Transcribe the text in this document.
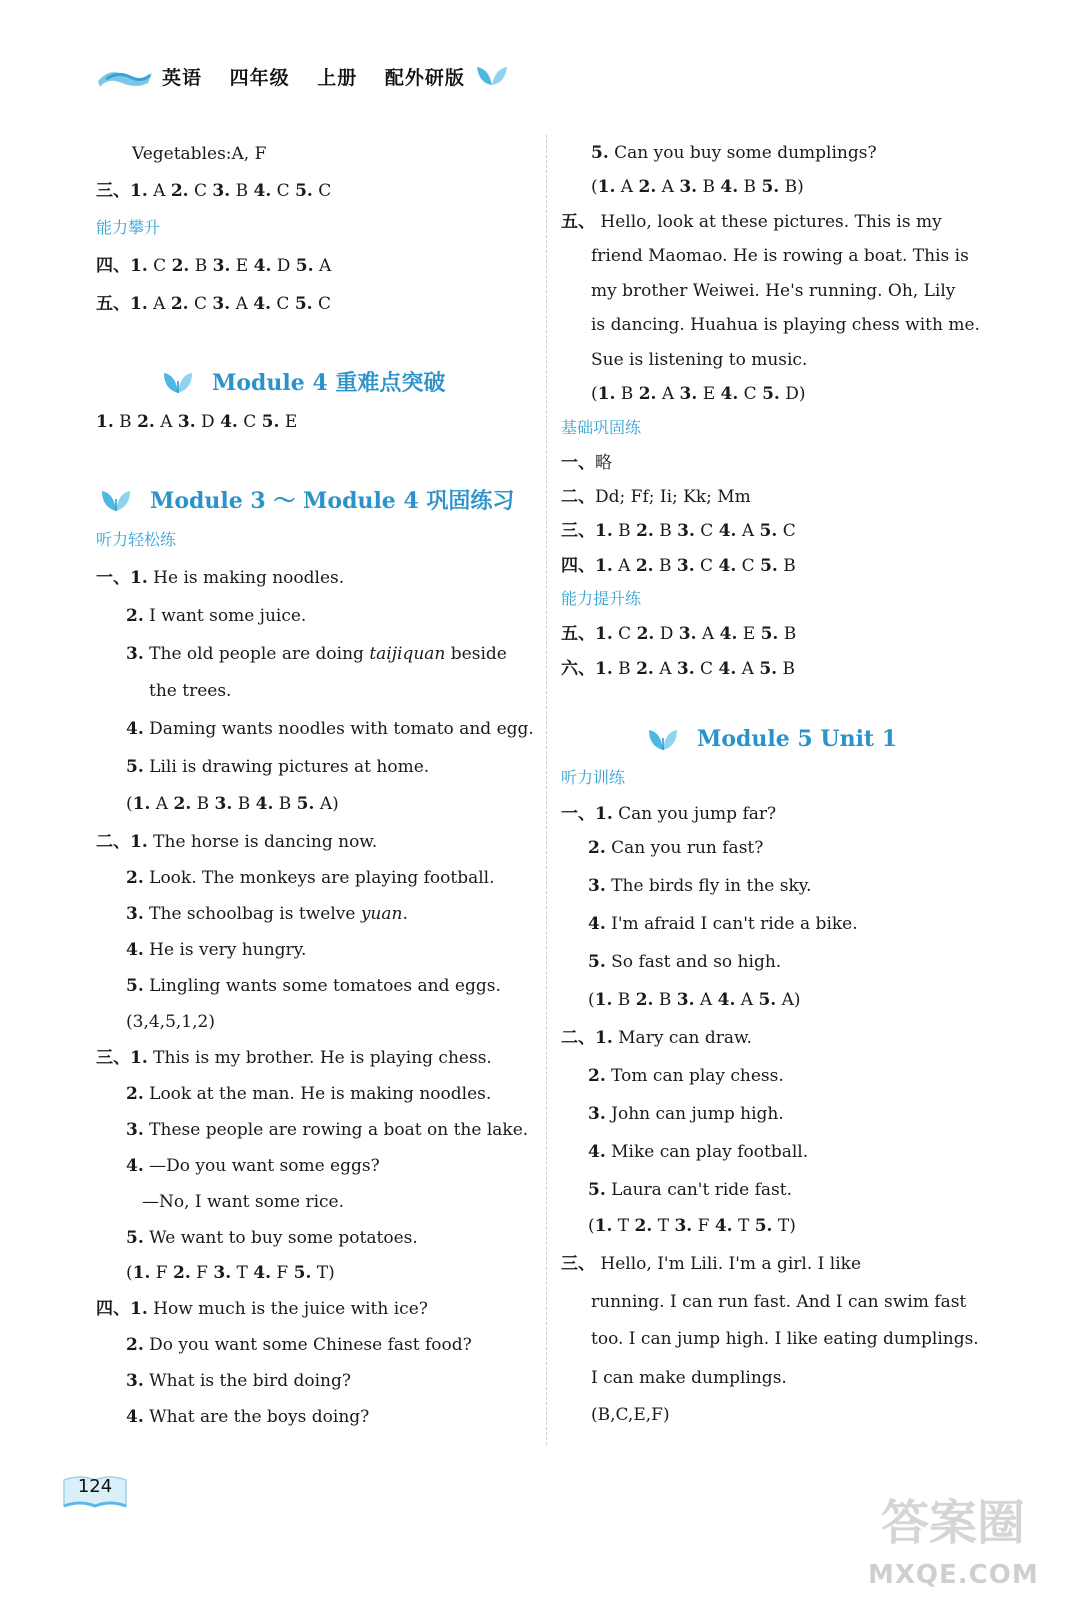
英语 四年级 上册 配外研版
Vegetables:A, F
三、1. A 2. C 3. B 4. C 5. C
能力攀升
四、1. C 2. B 3. E 4. D 5. A
五、1. A 2. C 3. A 4. C 5. C
1. B 2. A 3. D 4. C 5. E
听力轻松练
一、1. He is making noodles.
2. I want some juice.
3. The old people are doing taijiquan beside
the trees.
4. Daming wants noodles with tomato and egg.
5. Lili is drawing pictures at home.
(1. A 2. B 3. B 4. B 5. A)
二、1. The horse is dancing now.
2. Look. The monkeys are playing football.
3. The schoolbag is twelve yuan.
4. He is very hungry.
5. Lingling wants some tomatoes and eggs.
(3,4,5,1,2)
三、1. This is my brother. He is playing chess.
2. Look at the man. He is making noodles.
3. These people are rowing a boat on the lake.
4. —Do you want some eggs?
—No, I want some rice.
5. We want to buy some potatoes.
(1. F 2. F 3. T 4. F 5. T)
四、1. How much is the juice with ice?
2. Do you want some Chinese fast food?
3. What is the bird doing?
4. What are the boys doing?
Module 4 重难点突破
Module 3 ～ Module 4 巩固练习
5. Can you buy some dumplings?
(1. A 2. A 3. B 4. B 5. B)
五、 Hello, look at these pictures. This is my
friend Maomao. He is rowing a boat. This is
my brother Weiwei. He's running. Oh, Lily
is dancing. Huahua is playing chess with me.
Sue is listening to music.
(1. B 2. A 3. E 4. C 5. D)
基础巩固练
一、略
二、Dd; Ff; Ii; Kk; Mm
三、1. B 2. B 3. C 4. A 5. C
四、1. A 2. B 3. C 4. C 5. B
能力提升练
五、1. C 2. D 3. A 4. E 5. B
六、1. B 2. A 3. C 4. A 5. B
听力训练
一、1. Can you jump far?
2. Can you run fast?
3. The birds fly in the sky.
4. I'm afraid I can't ride a bike.
5. So fast and so high.
(1. B 2. B 3. A 4. A 5. A)
二、1. Mary can draw.
2. Tom can play chess.
3. John can jump high.
4. Mike can play football.
5. Laura can't ride fast.
(1. T 2. T 3. F 4. T 5. T)
三、 Hello, I'm Lili. I'm a girl. I like
running. I can run fast. And I can swim fast
too. I can jump high. I like eating dumplings.
I can make dumplings.
(B,C,E,F)
Module 5 Unit 1
124
答案圈
MXQE.COM
